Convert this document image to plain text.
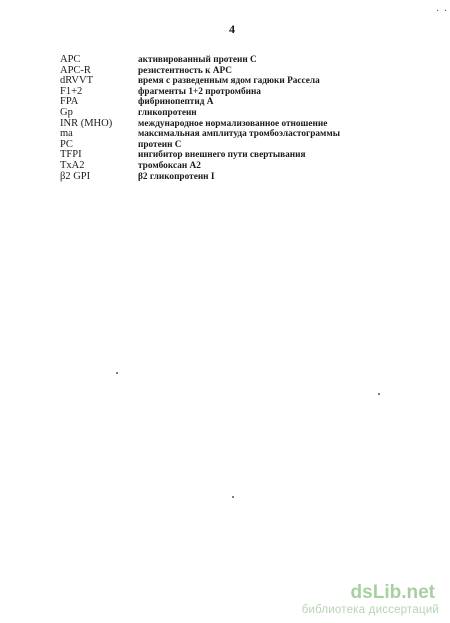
4
· ·
APC	активированный протеин С
APC-R	резистентность к АРС
dRVVT	время с разведенным ядом гадюки Рассела
F1+2	фрагменты 1+2 протромбина
FPA	фибринопептид А
Gp	гликопротеин
INR (MHO)	международное нормализованное отношение
ma	максимальная амплитуда тромбоэластограммы
PC	протеин С
TFPI	ингибитор внешнего пути свертывания
TxA2	тромбоксан А2
β2 GPI	β2 гликопротеин I
dsLib.net
библиотека диссертаций
